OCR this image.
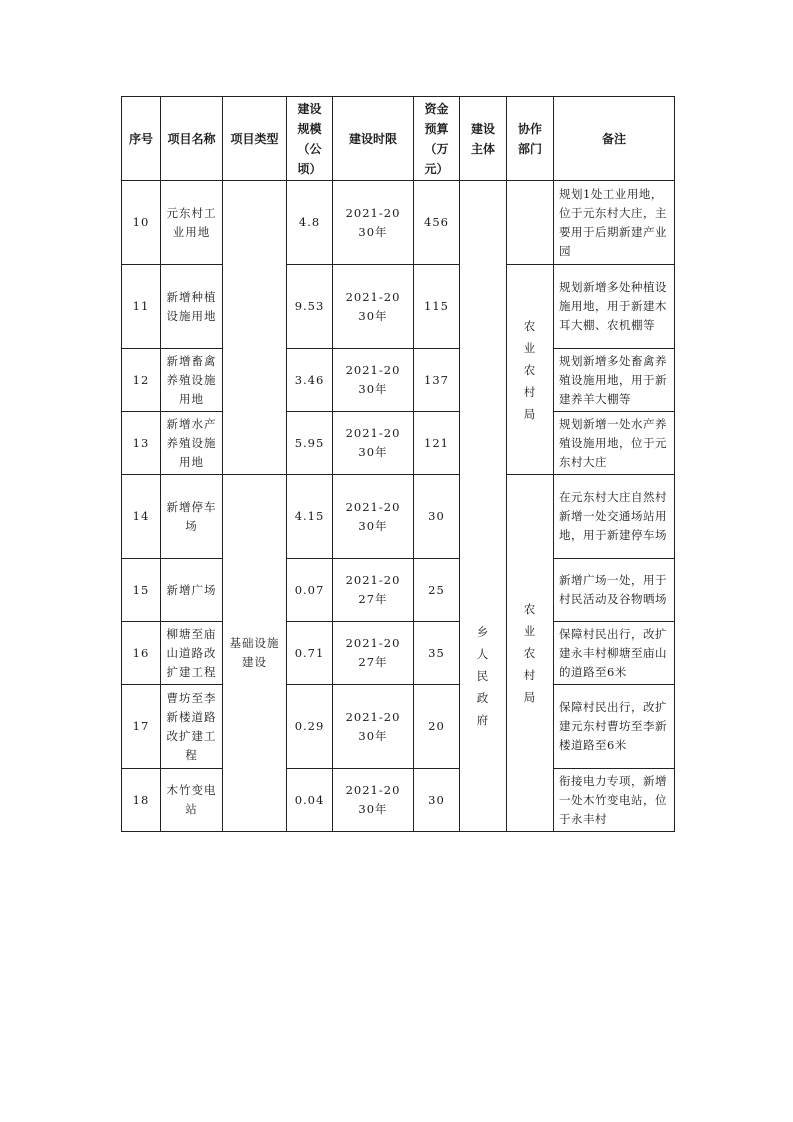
序号	项目名称	项目类型	建设规模（公顷）	建设时限	资金预算（万元）	建设主体	协作部门	备注
10	元东村工业用地		4.8	2021-2030年	456	乡人民政府		规划1处工业用地，位于元东村大庄，主要用于后期新建产业园
11	新增种植设施用地		9.53	2021-2030年	115		农业农村局	规划新增多处种植设施用地，用于新建木耳大棚、农机棚等
12	新增畜禽养殖设施用地		3.46	2021-2030年	137			规划新增多处畜禽养殖设施用地，用于新建养羊大棚等
13	新增水产养殖设施用地		5.95	2021-2030年	121			规划新增一处水产养殖设施用地，位于元东村大庄
14	新增停车场	基础设施建设	4.15	2021-2030年	30		农业农村局	在元东村大庄自然村新增一处交通场站用地，用于新建停车场
15	新增广场		0.07	2021-2027年	25			新增广场一处，用于村民活动及谷物晒场
16	柳塘至庙山道路改扩建工程		0.71	2021-2027年	35			保障村民出行，改扩建永丰村柳塘至庙山的道路至6米
17	曹坊至李新楼道路改扩建工程		0.29	2021-2030年	20			保障村民出行，改扩建元东村曹坊至李新楼道路至6米
18	木竹变电站		0.04	2021-2030年	30			衔接电力专项，新增一处木竹变电站，位于永丰村
